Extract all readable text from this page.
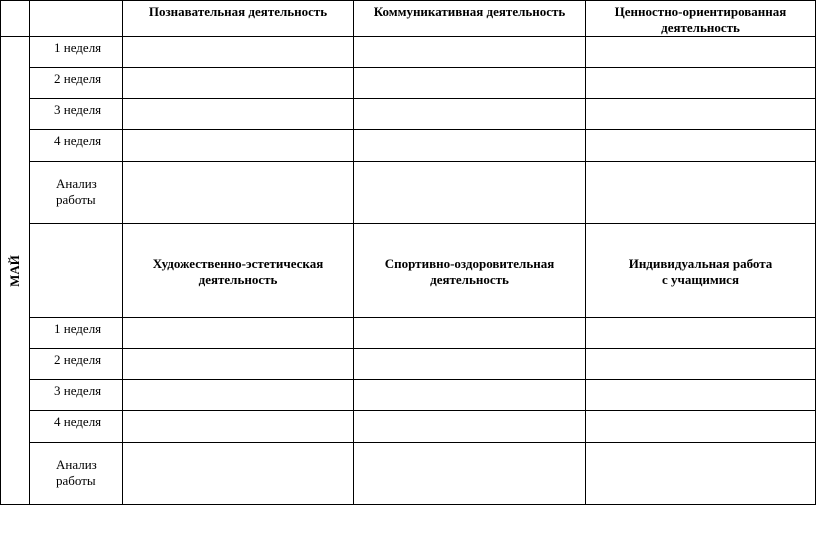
		Познавательная деятельность	Коммуникативная деятельность	Ценностно-ориентированная
деятельность

МАЙ	1 неделя			

	2 неделя			

	3 неделя			

	4 неделя			

	Анализ
работы			

		Художественно-эстетическая
деятельность	Спортивно-оздоровительная
деятельность	Индивидуальная работа
с учащимися

	1 неделя			

	2 неделя			

	3 неделя			

	4 неделя			

	Анализ
работы			
